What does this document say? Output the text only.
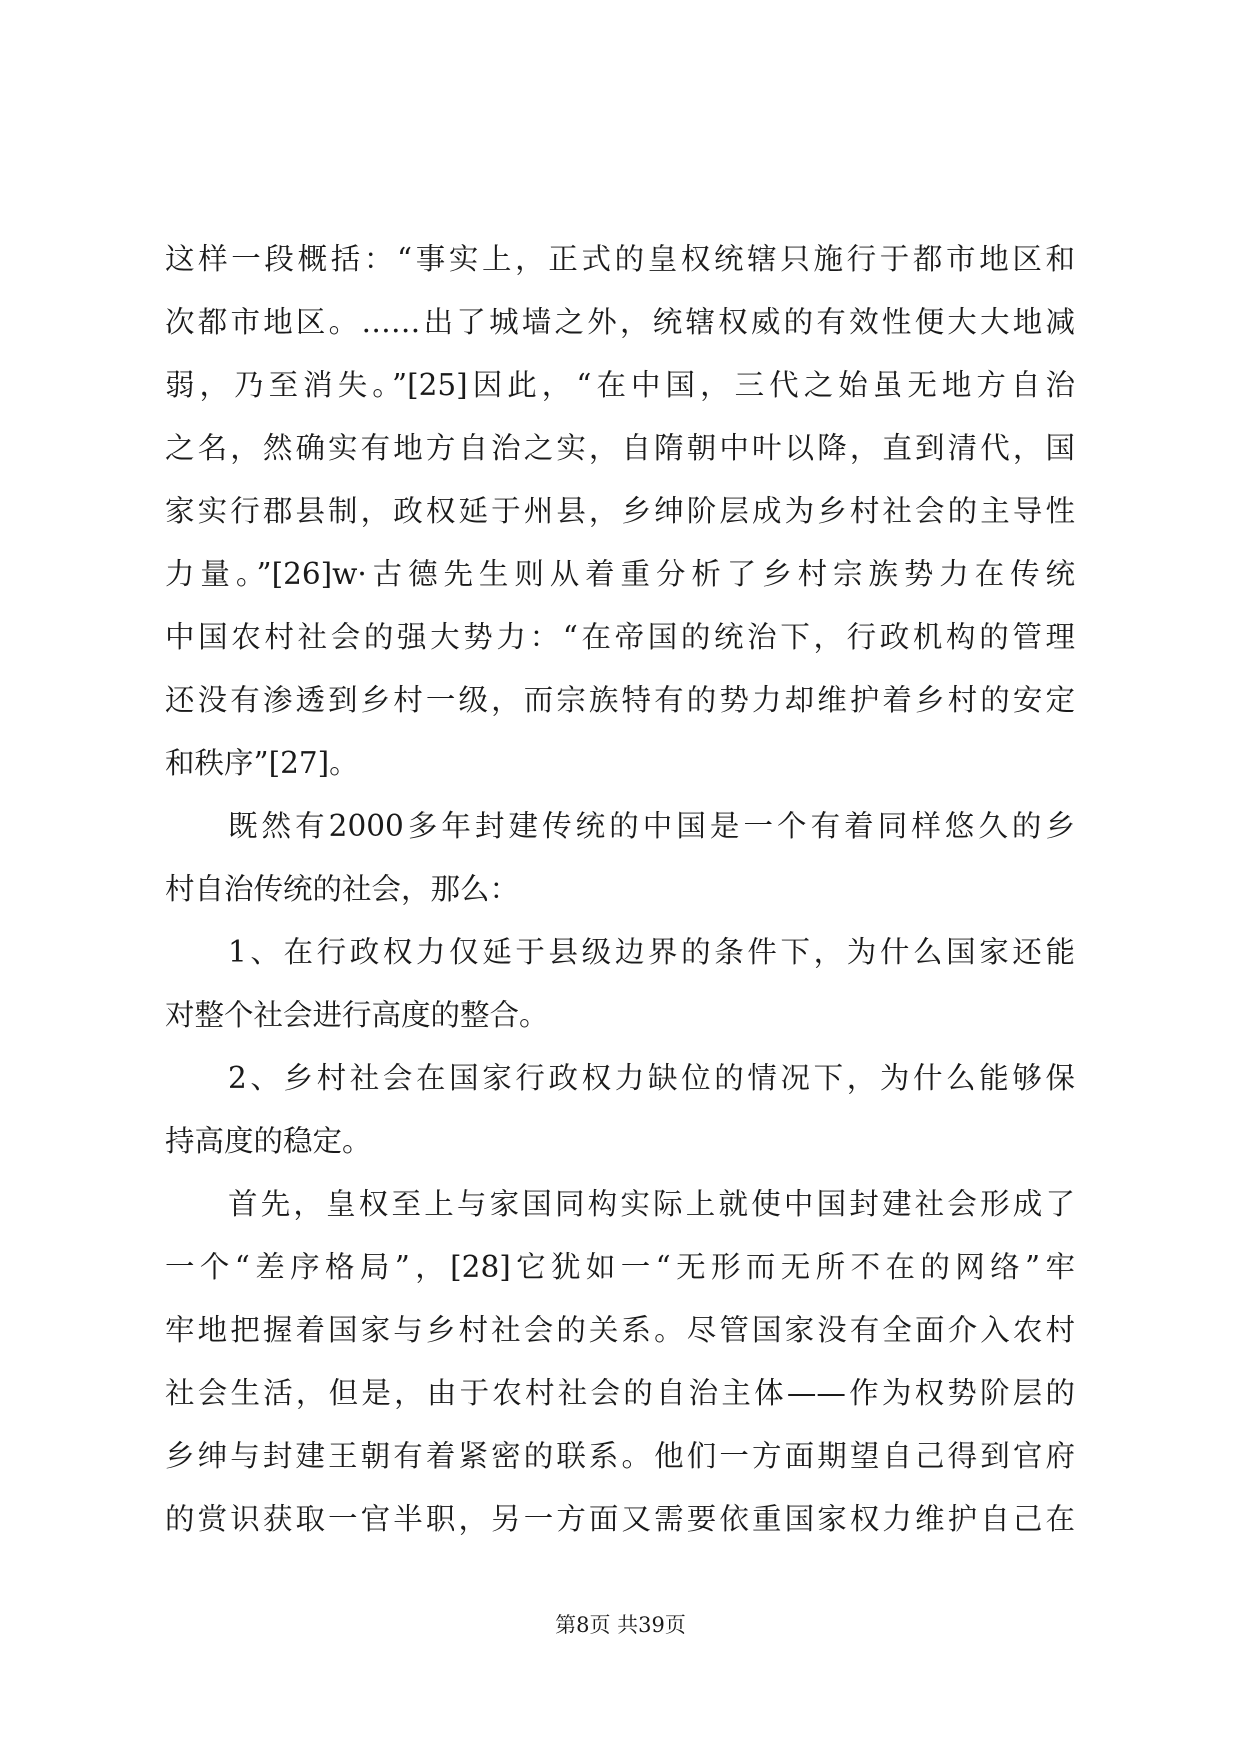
这样一段概括：“事实上，正式的皇权统辖只施行于都市地区和
次都市地区。……出了城墙之外，统辖权威的有效性便大大地减
弱，乃至消失。”[25]因此，“在中国，三代之始虽无地方自治
之名，然确实有地方自治之实，自隋朝中叶以降，直到清代，国
家实行郡县制，政权延于州县，乡绅阶层成为乡村社会的主导性
力量。”[26]w·古德先生则从着重分析了乡村宗族势力在传统
中国农村社会的强大势力：“在帝国的统治下，行政机构的管理
还没有渗透到乡村一级，而宗族特有的势力却维护着乡村的安定
和秩序”[27]。
既然有2000多年封建传统的中国是一个有着同样悠久的乡
村自治传统的社会，那么：
1、在行政权力仅延于县级边界的条件下，为什么国家还能
对整个社会进行高度的整合。
2、乡村社会在国家行政权力缺位的情况下，为什么能够保
持高度的稳定。
首先，皇权至上与家国同构实际上就使中国封建社会形成了
一个“差序格局”，[28]它犹如一“无形而无所不在的网络”牢
牢地把握着国家与乡村社会的关系。尽管国家没有全面介入农村
社会生活，但是，由于农村社会的自治主体——作为权势阶层的
乡绅与封建王朝有着紧密的联系。他们一方面期望自己得到官府
的赏识获取一官半职，另一方面又需要依重国家权力维护自己在
第8页 共39页
